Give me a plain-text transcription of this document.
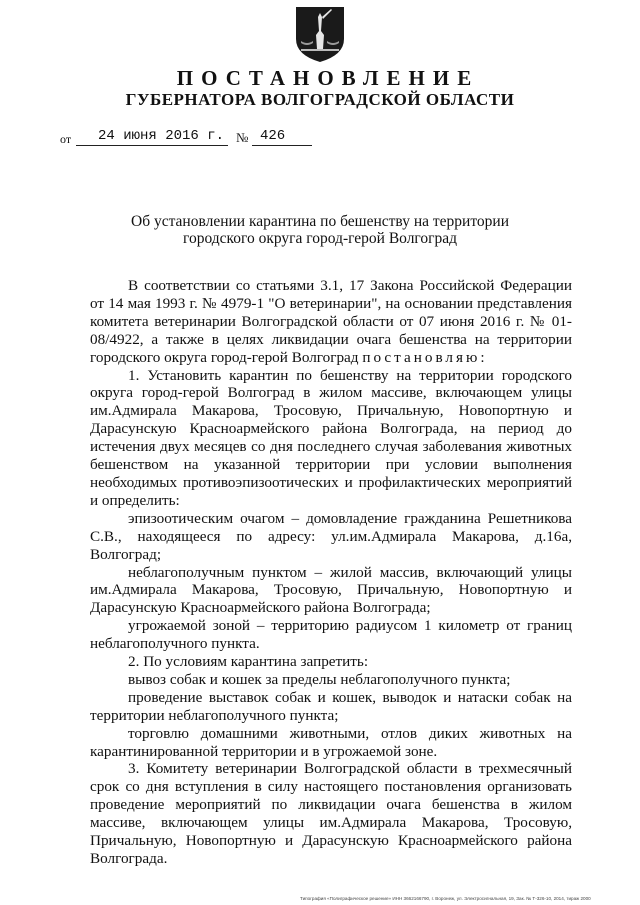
ПОСТАНОВЛЕНИЕ
ГУБЕРНАТОРА ВОЛГОГРАДСКОЙ ОБЛАСТИ
от 24 июня 2016 г. № 426
Об установлении карантина по бешенству на территории
городского округа город-герой Волгоград

В соответствии со статьями 3.1, 17 Закона Российской Федерации от 14 мая 1993 г. № 4979-1 "О ветеринарии", на основании представления комитета ветеринарии Волгоградской области от 07 июня 2016 г. № 01-08/4922, а также в целях ликвидации очага бешенства на территории городского округа город-герой Волгоград постановляю:

1. Установить карантин по бешенству на территории городского округа город-герой Волгоград в жилом массиве, включающем улицы им.Адмирала Макарова, Тросовую, Причальную, Новопортную и Дарасунскую Красноармейского района Волгограда, на период до истечения двух месяцев со дня последнего случая заболевания животных бешенством на указанной территории при условии выполнения необходимых противоэпизоотических и профилактических мероприятий и определить:

эпизоотическим очагом – домовладение гражданина Решетникова С.В., находящееся по адресу: ул.им.Адмирала Макарова, д.16а, Волгоград;

неблагополучным пунктом – жилой массив, включающий улицы им.Адмирала Макарова, Тросовую, Причальную, Новопортную и Дарасунскую Красноармейского района Волгограда;

угрожаемой зоной – территорию радиусом 1 километр от границ неблагополучного пункта.

2. По условиям карантина запретить:

вывоз собак и кошек за пределы неблагополучного пункта;

проведение выставок собак и кошек, выводок и натаски собак на территории неблагополучного пункта;

торговлю домашними животными, отлов диких животных на карантинированной территории и в угрожаемой зоне.

3. Комитету ветеринарии Волгоградской области в трехмесячный срок со дня вступления в силу настоящего постановления организовать проведение мероприятий по ликвидации очага бешенства в жилом массиве, включающем улицы им.Адмирала Макарова, Тросовую, Причальную, Новопортную и Дарасунскую Красноармейского района Волгограда.

Типография «Полиграфическое решение» ИНН 3662166790, г. Воронеж, ул. Электросигнальная, 19, Зак. № Т-326-10, 2014, тираж 2000
